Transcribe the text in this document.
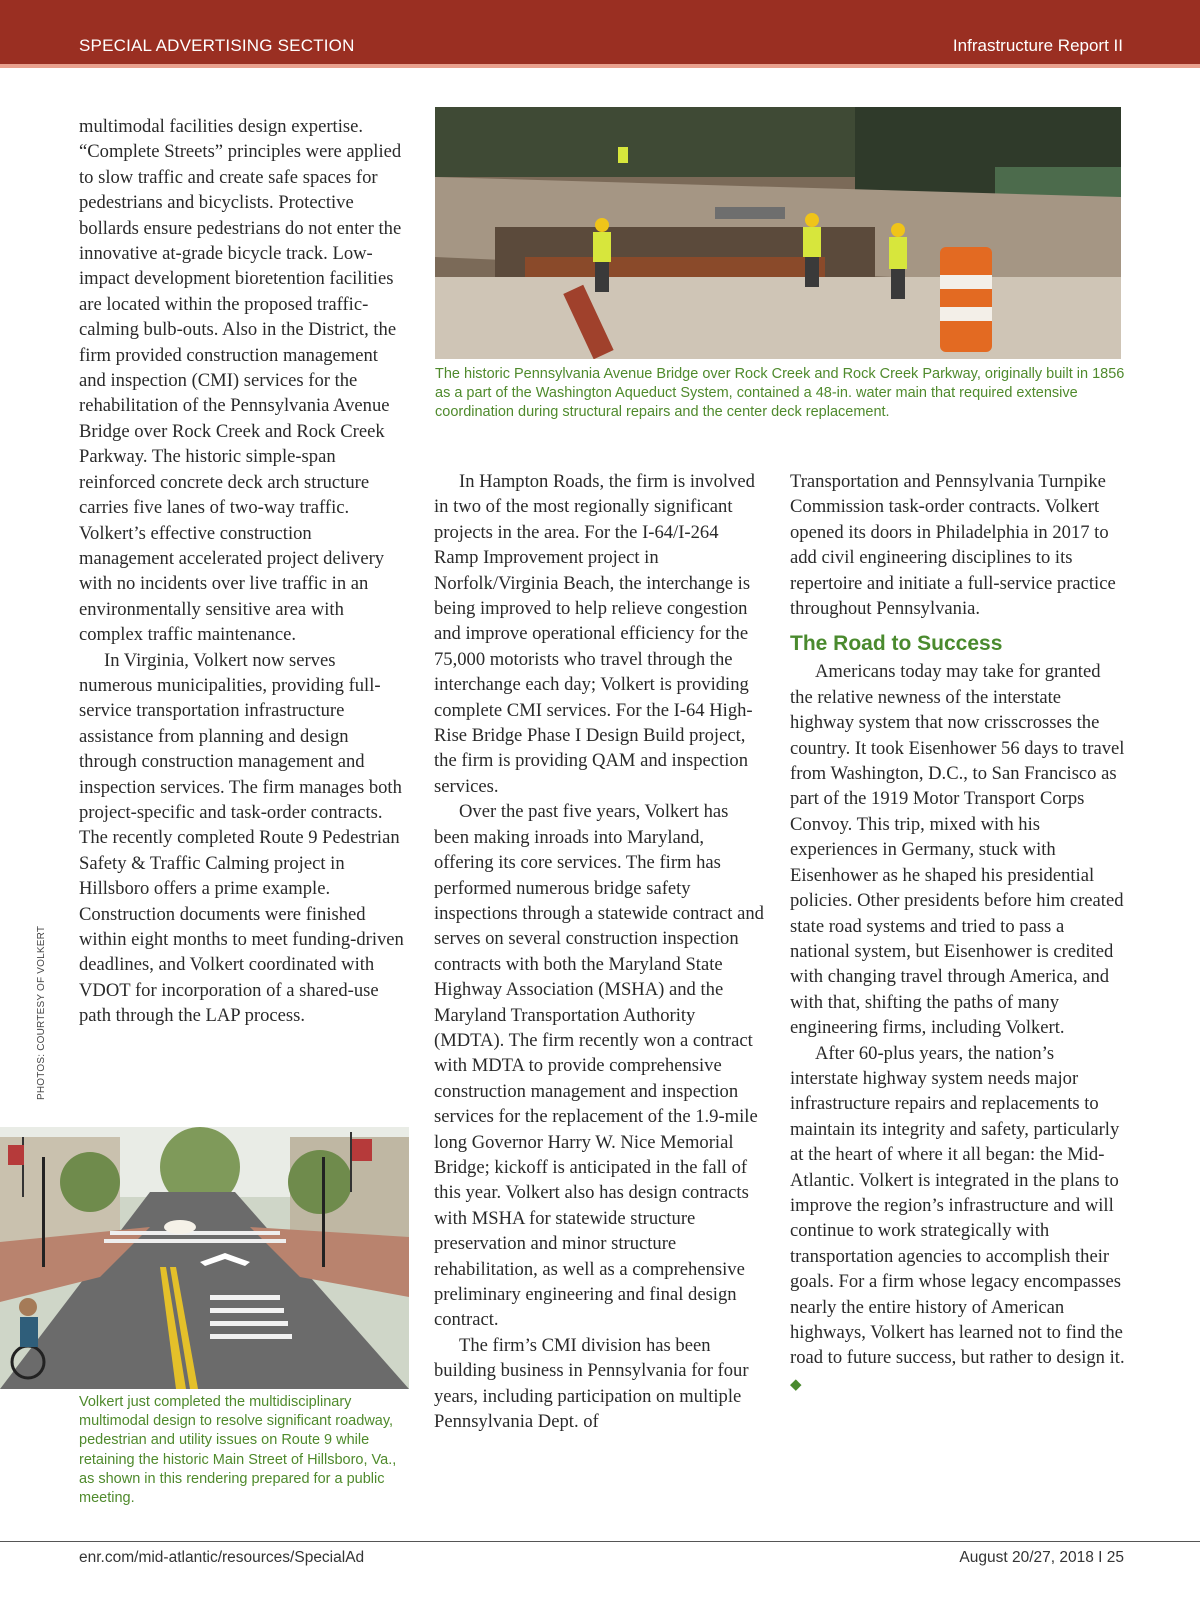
SPECIAL ADVERTISING SECTION	Infrastructure Report II
The historic Pennsylvania Avenue Bridge over Rock Creek and Rock Creek Parkway, originally built in 1856 as a part of the Washington Aqueduct System, contained a 48-in. water main that required extensive coordination during structural repairs and the center deck replacement.

multimodal facilities design expertise. “Complete Streets” principles were applied to slow traffic and create safe spaces for pedestrians and bicyclists. Protective bollards ensure pedestrians do not enter the innovative at-grade bicycle track. Low-impact development bioretention facilities are located within the proposed traffic-calming bulb-outs. Also in the District, the firm provided construction management and inspection (CMI) services for the rehabilitation of the Pennsylvania Avenue Bridge over Rock Creek and Rock Creek Parkway. The historic simple-span reinforced concrete deck arch structure carries five lanes of two-way traffic. Volkert’s effective construction management accelerated project delivery with no incidents over live traffic in an environmentally sensitive area with complex traffic maintenance.

In Virginia, Volkert now serves numerous municipalities, providing full-service transportation infrastructure assistance from planning and design through construction management and inspection services. The firm manages both project-specific and task-order contracts. The recently completed Route 9 Pedestrian Safety & Traffic Calming project in Hillsboro offers a prime example. Construction documents were finished within eight months to meet funding-driven deadlines, and Volkert coordinated with VDOT for incorporation of a shared-use path through the LAP process.

In Hampton Roads, the firm is involved in two of the most regionally significant projects in the area. For the I-64/I-264 Ramp Improvement project in Norfolk/Virginia Beach, the interchange is being improved to help relieve congestion and improve operational efficiency for the 75,000 motorists who travel through the interchange each day; Volkert is providing complete CMI services. For the I-64 High-Rise Bridge Phase I Design Build project, the firm is providing QAM and inspection services.

Over the past five years, Volkert has been making inroads into Maryland, offering its core services. The firm has performed numerous bridge safety inspections through a statewide contract and serves on several construction inspection contracts with both the Maryland State Highway Association (MSHA) and the Maryland Transportation Authority (MDTA). The firm recently won a contract with MDTA to provide comprehensive construction management and inspection services for the replacement of the 1.9-mile long Governor Harry W. Nice Memorial Bridge; kickoff is anticipated in the fall of this year. Volkert also has design contracts with MSHA for statewide structure preservation and minor structure rehabilitation, as well as a comprehensive preliminary engineering and final design contract.

The firm’s CMI division has been building business in Pennsylvania for four years, including participation on multiple Pennsylvania Dept. of

Transportation and Pennsylvania Turnpike Commission task-order contracts. Volkert opened its doors in Philadelphia in 2017 to add civil engineering disciplines to its repertoire and initiate a full-service practice throughout Pennsylvania.

The Road to Success

Americans today may take for granted the relative newness of the interstate highway system that now crisscrosses the country. It took Eisenhower 56 days to travel from Washington, D.C., to San Francisco as part of the 1919 Motor Transport Corps Convoy. This trip, mixed with his experiences in Germany, stuck with Eisenhower as he shaped his presidential policies. Other presidents before him created state road systems and tried to pass a national system, but Eisenhower is credited with changing travel through America, and with that, shifting the paths of many engineering firms, including Volkert.

After 60-plus years, the nation’s interstate highway system needs major infrastructure repairs and replacements to maintain its integrity and safety, particularly at the heart of where it all began: the Mid-Atlantic. Volkert is integrated in the plans to improve the region’s infrastructure and will continue to work strategically with transportation agencies to accomplish their goals. For a firm whose legacy encompasses nearly the entire history of American highways, Volkert has learned not to find the road to future success, but rather to design it. ◆

PHOTOS: COURTESY OF VOLKERT
Volkert just completed the multidisciplinary multimodal design to resolve significant roadway, pedestrian and utility issues on Route 9 while retaining the historic Main Street of Hillsboro, Va., as shown in this rendering prepared for a public meeting.
enr.com/mid-atlantic/resources/SpecialAd	August 20/27, 2018 I 25
